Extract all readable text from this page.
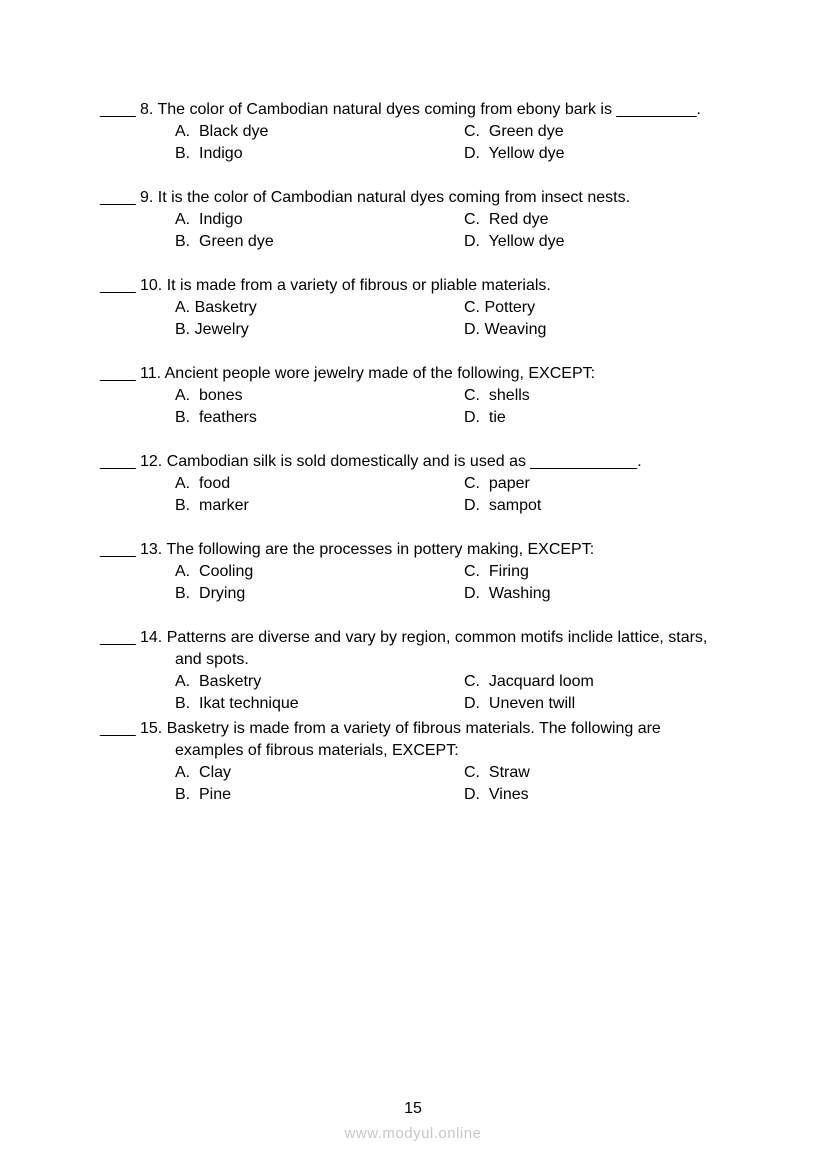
____ 8. The color of Cambodian natural dyes coming from ebony bark is _________.
A.  Black dye	C.  Green dye
B.  Indigo	D.  Yellow dye
____ 9. It is the color of Cambodian natural dyes coming from insect nests.
A.  Indigo	C.  Red dye
B.  Green dye	D.  Yellow dye
____ 10. It is made from a variety of fibrous or pliable materials.
A. Basketry	C. Pottery
B. Jewelry	D. Weaving
____ 11. Ancient people wore jewelry made of the following, EXCEPT:
A.  bones	C.  shells
B.  feathers	D.  tie
____ 12. Cambodian silk is sold domestically and is used as ____________.
A.  food	C.  paper
B.  marker	D.  sampot
____ 13. The following are the processes in pottery making, EXCEPT:
A.  Cooling	C.  Firing
B.  Drying	D.  Washing
____ 14. Patterns are diverse and vary by region, common motifs inclide lattice, stars,
and spots.
A.  Basketry	C.  Jacquard loom
B.  Ikat technique	D.  Uneven twill
____ 15. Basketry is made from a variety of fibrous materials. The following are
examples of fibrous materials, EXCEPT:
A.  Clay	C.  Straw
B.  Pine	D.  Vines
15
www.modyul.online
